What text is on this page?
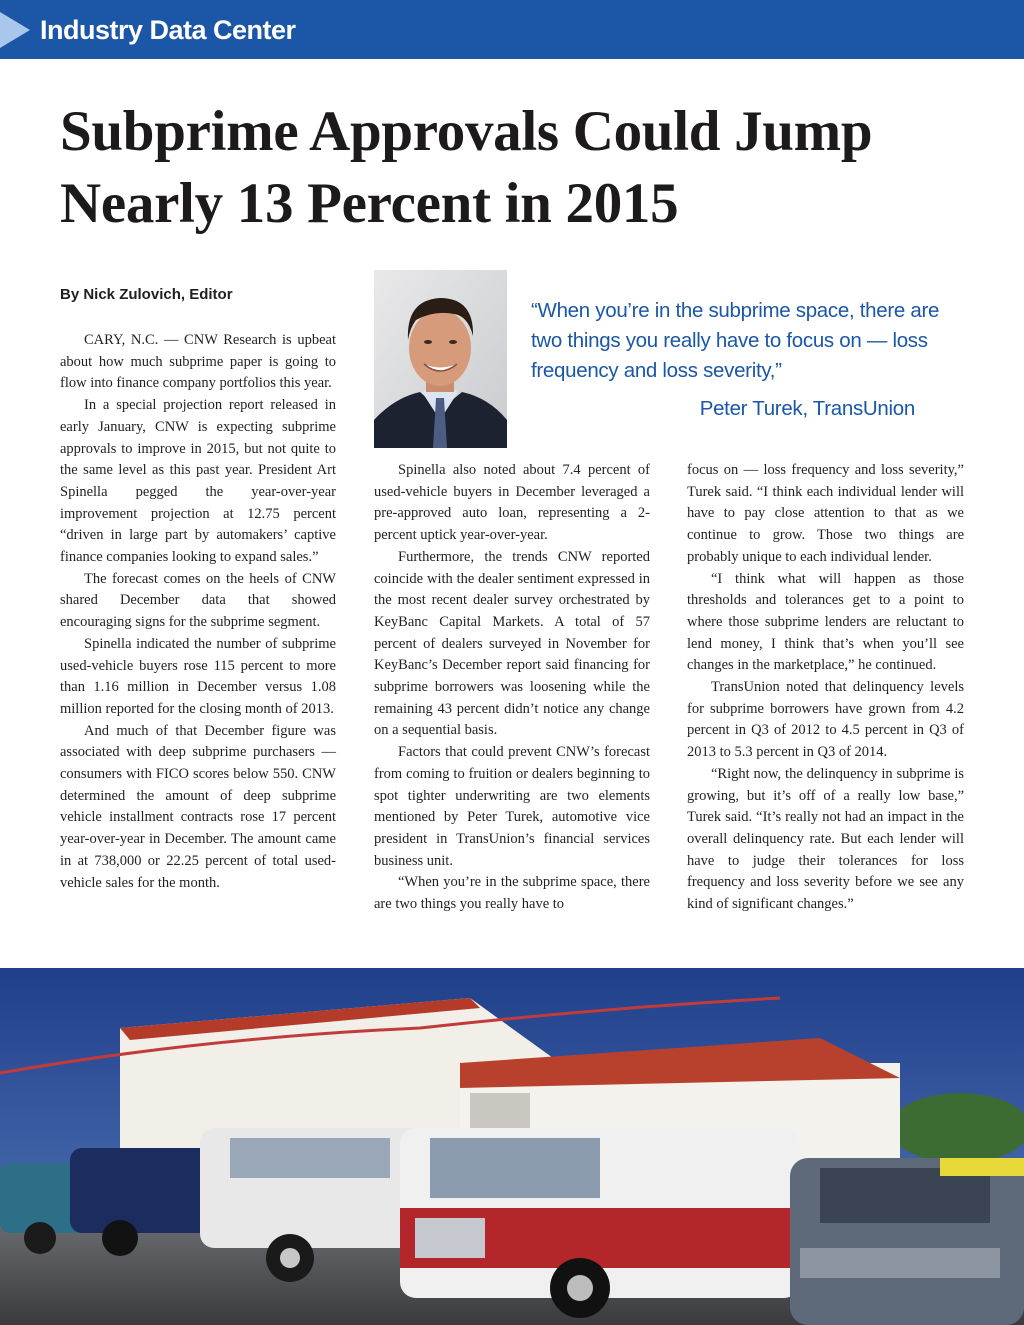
Industry Data Center
Subprime Approvals Could Jump Nearly 13 Percent in 2015
By Nick Zulovich, Editor
“When you’re in the subprime space, there are two things you really have to focus on — loss frequency and loss severity,”
Peter Turek, TransUnion

CARY, N.C. — CNW Research is upbeat about how much subprime paper is going to flow into finance company portfolios this year.

In a special projection report released in early January, CNW is expecting subprime approvals to improve in 2015, but not quite to the same level as this past year. President Art Spinella pegged the year-over-year improvement projection at 12.75 percent “driven in large part by automakers’ captive finance companies looking to expand sales.”

The forecast comes on the heels of CNW shared December data that showed encouraging signs for the subprime segment.

Spinella indicated the number of subprime used-vehicle buyers rose 115 percent to more than 1.16 million in December versus 1.08 million reported for the closing month of 2013.

And much of that December figure was associated with deep subprime purchasers — consumers with FICO scores below 550. CNW determined the amount of deep subprime vehicle installment contracts rose 17 percent year-over-year in December. The amount came in at 738,000 or 22.25 percent of total used-vehicle sales for the month.

Spinella also noted about 7.4 percent of used-vehicle buyers in December leveraged a pre-approved auto loan, representing a 2-percent uptick year-over-year.

Furthermore, the trends CNW reported coincide with the dealer sentiment expressed in the most recent dealer survey orchestrated by KeyBanc Capital Markets. A total of 57 percent of dealers surveyed in November for KeyBanc’s December report said financing for subprime borrowers was loosening while the remaining 43 percent didn’t notice any change on a sequential basis.

Factors that could prevent CNW’s forecast from coming to fruition or dealers beginning to spot tighter underwriting are two elements mentioned by Peter Turek, automotive vice president in TransUnion’s financial services business unit.

“When you’re in the subprime space, there are two things you really have to

focus on — loss frequency and loss severity,” Turek said. “I think each individual lender will have to pay close attention to that as we continue to grow. Those two things are probably unique to each individual lender.

“I think what will happen as those thresholds and tolerances get to a point to where those subprime lenders are reluctant to lend money, I think that’s when you’ll see changes in the marketplace,” he continued.

TransUnion noted that delinquency levels for subprime borrowers have grown from 4.2 percent in Q3 of 2012 to 4.5 percent in Q3 of 2013 to 5.3 percent in Q3 of 2014.

“Right now, the delinquency in subprime is growing, but it’s off of a really low base,” Turek said. “It’s really not had an impact in the overall delinquency rate. But each lender will have to judge their tolerances for loss frequency and loss severity before we see any kind of significant changes.”
